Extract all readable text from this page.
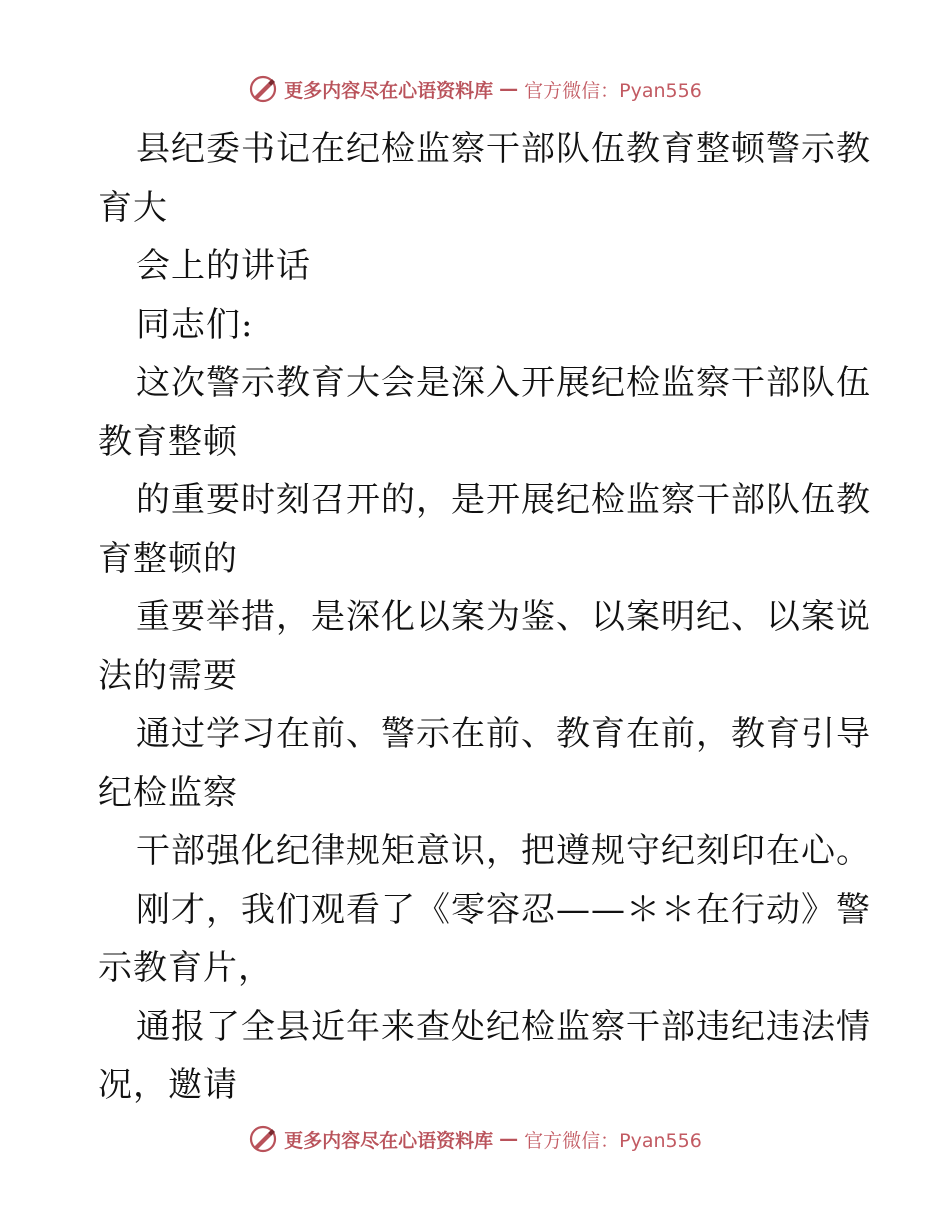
更多内容尽在心语资料库 — 官方微信：Pyan556
县纪委书记在纪检监察干部队伍教育整顿警示教
育大
会上的讲话
同志们:
这次警示教育大会是深入开展纪检监察干部队伍
教育整顿
的重要时刻召开的，是开展纪检监察干部队伍教
育整顿的
重要举措，是深化以案为鉴、以案明纪、以案说
法的需要
通过学习在前、警示在前、教育在前，教育引导
纪检监察
干部强化纪律规矩意识，把遵规守纪刻印在心。
刚才，我们观看了《零容忍——＊＊在行动》警
示教育片，
通报了全县近年来查处纪检监察干部违纪违法情
况，邀请
更多内容尽在心语资料库 — 官方微信：Pyan556
